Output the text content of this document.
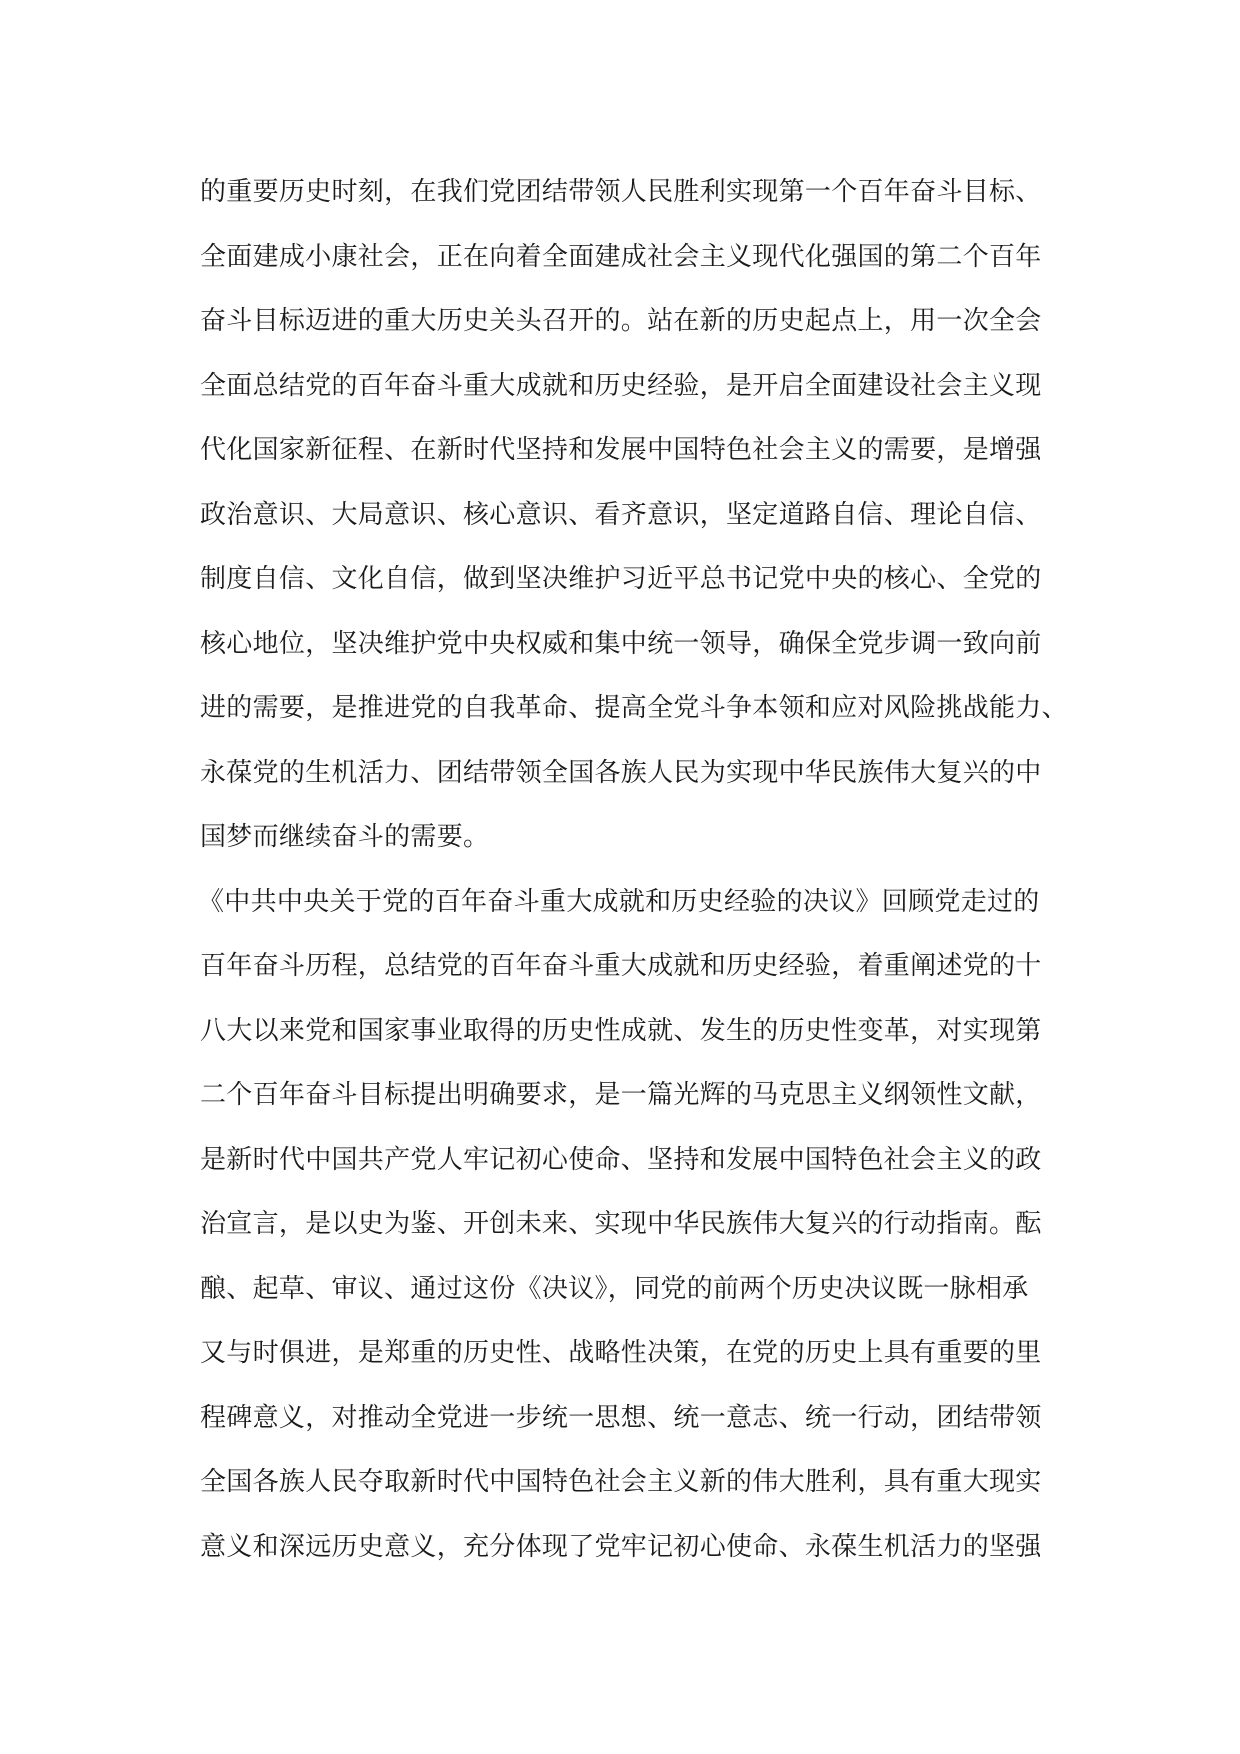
的重要历史时刻，在我们党团结带领人民胜利实现第一个百年奋斗目标、
全面建成小康社会，正在向着全面建成社会主义现代化强国的第二个百年
奋斗目标迈进的重大历史关头召开的。站在新的历史起点上，用一次全会
全面总结党的百年奋斗重大成就和历史经验，是开启全面建设社会主义现
代化国家新征程、在新时代坚持和发展中国特色社会主义的需要，是增强
政治意识、大局意识、核心意识、看齐意识，坚定道路自信、理论自信、
制度自信、文化自信，做到坚决维护习近平总书记党中央的核心、全党的
核心地位，坚决维护党中央权威和集中统一领导，确保全党步调一致向前
进的需要，是推进党的自我革命、提高全党斗争本领和应对风险挑战能力、
永葆党的生机活力、团结带领全国各族人民为实现中华民族伟大复兴的中
国梦而继续奋斗的需要。
《中共中央关于党的百年奋斗重大成就和历史经验的决议》回顾党走过的
百年奋斗历程，总结党的百年奋斗重大成就和历史经验，着重阐述党的十
八大以来党和国家事业取得的历史性成就、发生的历史性变革，对实现第
二个百年奋斗目标提出明确要求，是一篇光辉的马克思主义纲领性文献，
是新时代中国共产党人牢记初心使命、坚持和发展中国特色社会主义的政
治宣言，是以史为鉴、开创未来、实现中华民族伟大复兴的行动指南。酝
酿、起草、审议、通过这份《决议》，同党的前两个历史决议既一脉相承
又与时俱进，是郑重的历史性、战略性决策，在党的历史上具有重要的里
程碑意义，对推动全党进一步统一思想、统一意志、统一行动，团结带领
全国各族人民夺取新时代中国特色社会主义新的伟大胜利，具有重大现实
意义和深远历史意义，充分体现了党牢记初心使命、永葆生机活力的坚强
